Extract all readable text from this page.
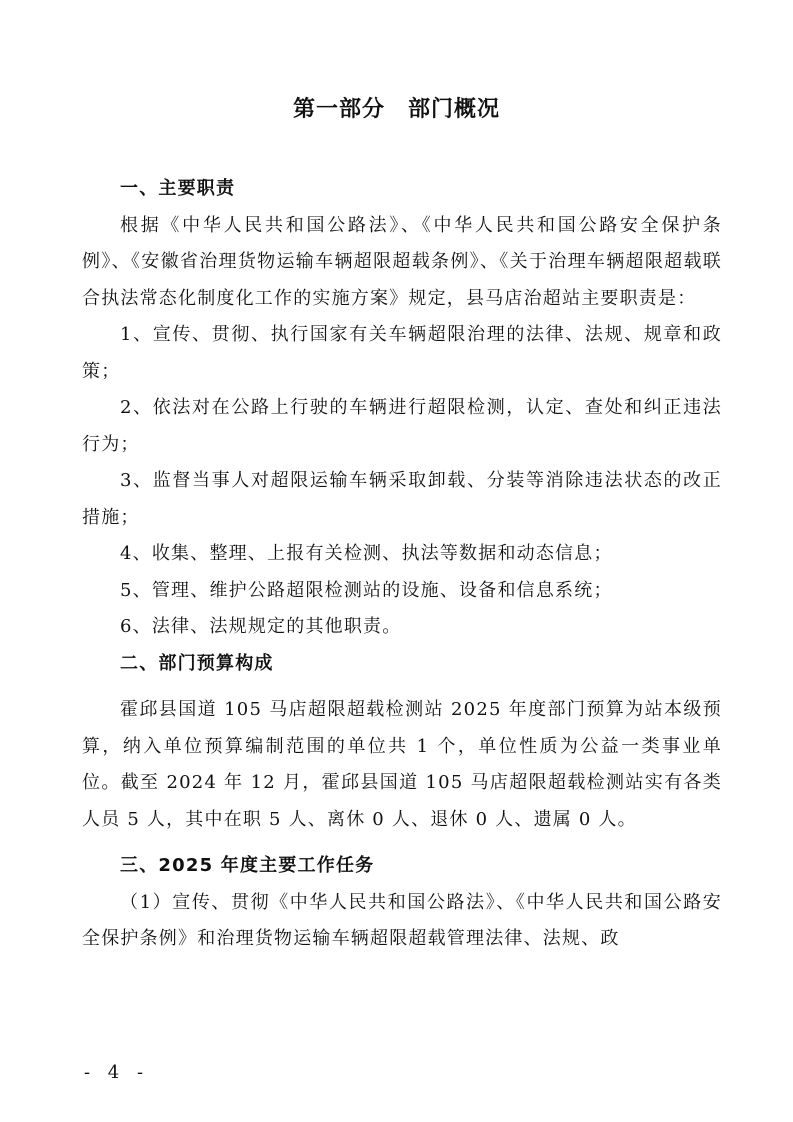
第一部分　部门概况

一、主要职责

根据《中华人民共和国公路法》、《中华人民共和国公路安全保护条例》、《安徽省治理货物运输车辆超限超载条例》、《关于治理车辆超限超载联合执法常态化制度化工作的实施方案》规定，县马店治超站主要职责是：

1、宣传、贯彻、执行国家有关车辆超限治理的法律、法规、规章和政策；

2、依法对在公路上行驶的车辆进行超限检测，认定、查处和纠正违法行为；

3、监督当事人对超限运输车辆采取卸载、分装等消除违法状态的改正措施；

4、收集、整理、上报有关检测、执法等数据和动态信息；

5、管理、维护公路超限检测站的设施、设备和信息系统；

6、法律、法规规定的其他职责。

二、部门预算构成

霍邱县国道 105 马店超限超载检测站 2025 年度部门预算为站本级预算，纳入单位预算编制范围的单位共 1 个，单位性质为公益一类事业单位。截至 2024 年 12 月，霍邱县国道 105 马店超限超载检测站实有各类人员 5 人，其中在职 5 人、离休 0 人、退休 0 人、遗属 0 人。

三、2025 年度主要工作任务

（1）宣传、贯彻《中华人民共和国公路法》、《中华人民共和国公路安全保护条例》和治理货物运输车辆超限超载管理法律、法规、政

- 4 -
